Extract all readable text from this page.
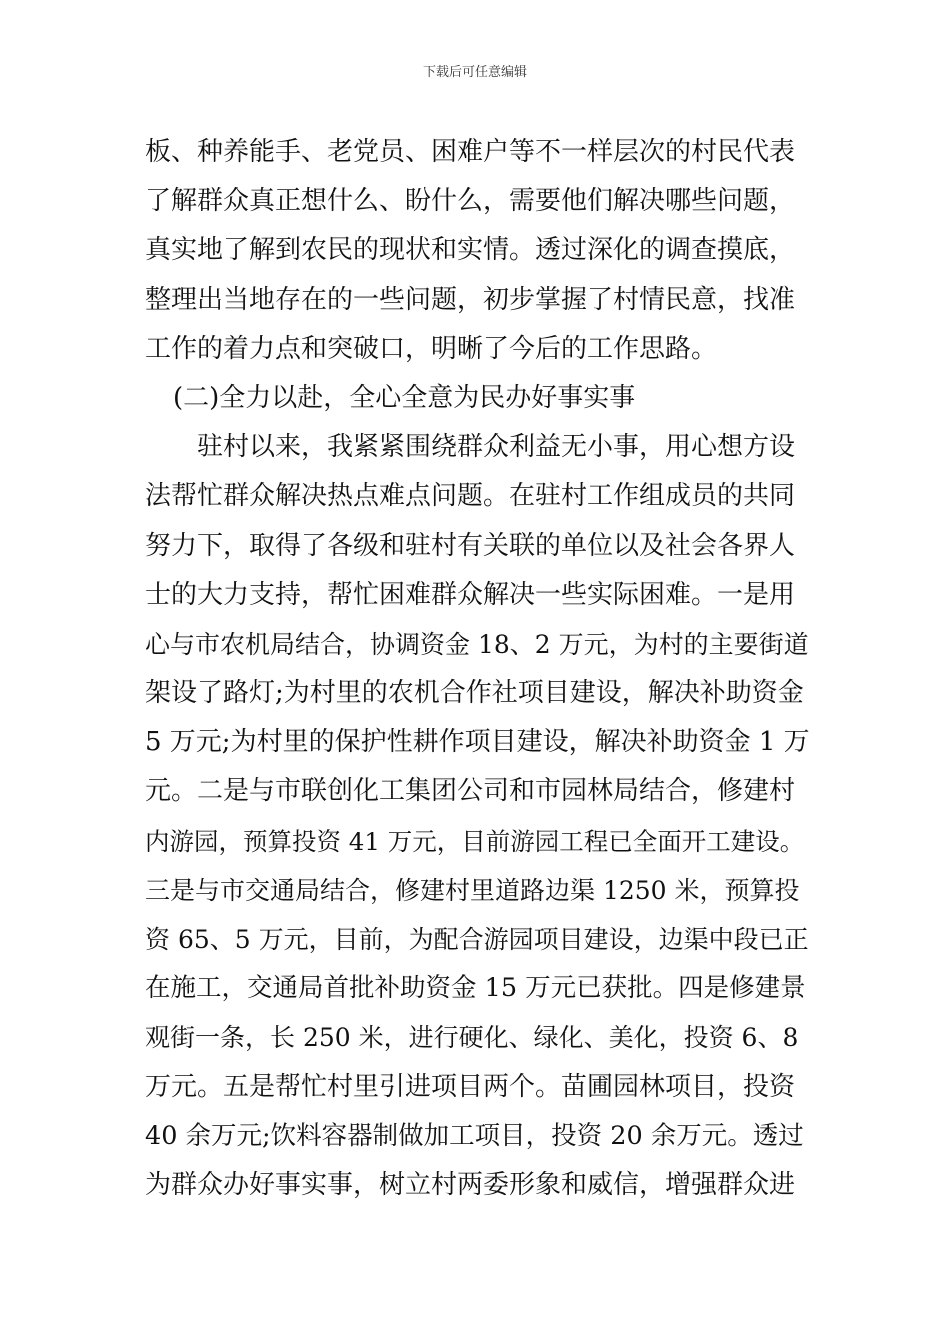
下载后可任意编辑
板、种养能手、老党员、困难户等不一样层次的村民代表
了解群众真正想什么、盼什么，需要他们解决哪些问题，
真实地了解到农民的现状和实情。透过深化的调查摸底，
整理出当地存在的一些问题，初步掌握了村情民意，找准
工作的着力点和突破口，明晰了今后的工作思路。
(二)全力以赴，全心全意为民办好事实事
驻村以来，我紧紧围绕群众利益无小事，用心想方设
法帮忙群众解决热点难点问题。在驻村工作组成员的共同
努力下，取得了各级和驻村有关联的单位以及社会各界人
士的大力支持，帮忙困难群众解决一些实际困难。一是用
心与市农机局结合，协调资金 18、2 万元，为村的主要街道
架设了路灯;为村里的农机合作社项目建设，解决补助资金
5 万元;为村里的保护性耕作项目建设，解决补助资金 1 万
元。二是与市联创化工集团公司和市园林局结合，修建村
内游园，预算投资 41 万元，目前游园工程已全面开工建设。
三是与市交通局结合，修建村里道路边渠 1250 米，预算投
资 65、5 万元，目前，为配合游园项目建设，边渠中段已正
在施工，交通局首批补助资金 15 万元已获批。四是修建景
观街一条，长 250 米，进行硬化、绿化、美化，投资 6、8
万元。五是帮忙村里引进项目两个。苗圃园林项目，投资
40 余万元;饮料容器制做加工项目，投资 20 余万元。透过
为群众办好事实事，树立村两委形象和威信，增强群众进
